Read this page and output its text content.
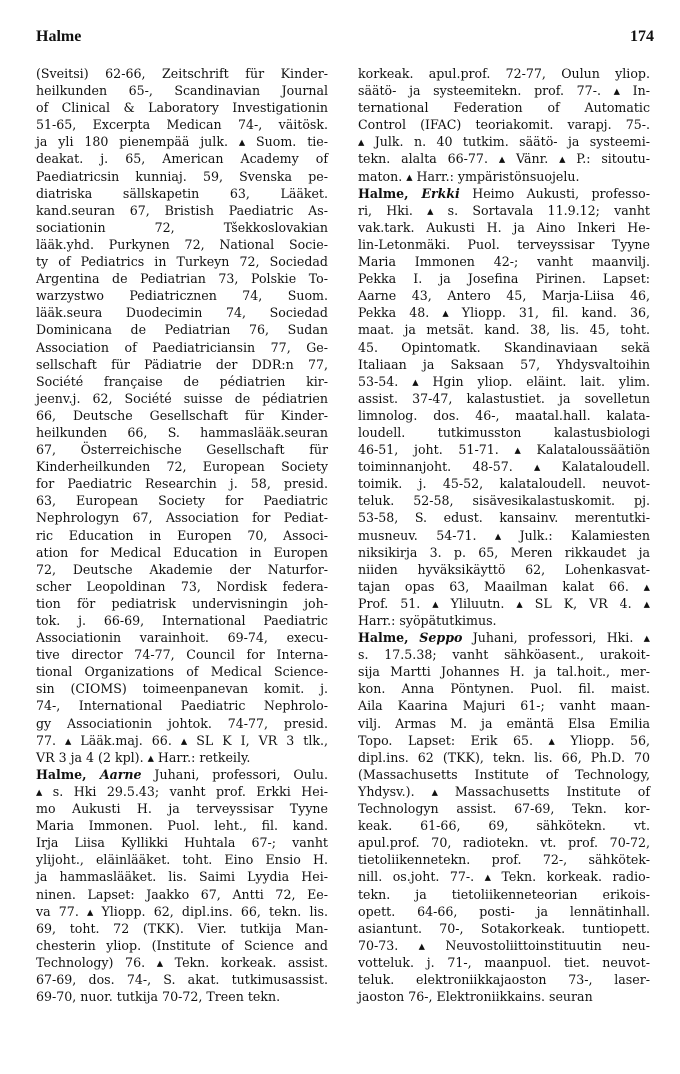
Halme	174
(Sveitsi) 62-66, Zeitschrift für Kinder-
heilkunden 65-, Scandinavian Journal
of Clinical & Laboratory Investigationin
51-65, Excerpta Medican 74-, väitösk.
ja yli 180 pienempää julk. ▴ Suom. tie-
deakat. j. 65, American Academy of
Paediatricsin kunniaj. 59, Svenska pe-
diatriska sällskapetin 63, Lääket.
kand.seuran 67, Bristish Paediatric As-
sociationin 72, Tšekkoslovakian
lääk.yhd. Purkynen 72, National Socie-
ty of Pediatrics in Turkeyn 72, Sociedad
Argentina de Pediatrian 73, Polskie To-
warzystwo Pediatricznen 74, Suom.
lääk.seura Duodecimin 74, Sociedad
Dominicana de Pediatrian 76, Sudan
Association of Paediatriciansin 77, Ge-
sellschaft für Pädiatrie der DDR:n 77,
Société française de pédiatrien kir-
jeenv.j. 62, Société suisse de pédiatrien
66, Deutsche Gesellschaft für Kinder-
heilkunden 66, S. hammaslääk.seuran
67, Österreichische Gesellschaft für
Kinderheilkunden 72, European Society
for Paediatric Researchin j. 58, presid.
63, European Society for Paediatric
Nephrologyn 67, Association for Pediat-
ric Education in Europen 70, Associ-
ation for Medical Education in Europen
72, Deutsche Akademie der Naturfor-
scher Leopoldinan 73, Nordisk federa-
tion för pediatrisk undervisningin joh-
tok. j. 66-69, International Paediatric
Associationin varainhoit. 69-74, execu-
tive director 74-77, Council for Interna-
tional Organizations of Medical Science-
sin (CIOMS) toimeenpanevan komit. j.
74-, International Paediatric Nephrolo-
gy Associationin johtok. 74-77, presid.
77. ▴ Lääk.maj. 66. ▴ SL K I, VR 3 tlk.,
VR 3 ja 4 (2 kpl). ▴ Harr.: retkeily.
Halme, Aarne Juhani, professori, Oulu.
▴ s. Hki 29.5.43; vanht prof. Erkki Hei-
mo Aukusti H. ja terveyssisar Tyyne
Maria Immonen. Puol. leht., fil. kand.
Irja Liisa Kyllikki Huhtala 67-; vanht
ylijoht., eläinlääket. toht. Eino Ensio H.
ja hammaslääket. lis. Saimi Lyydia Hei-
ninen. Lapset: Jaakko 67, Antti 72, Ee-
va 77. ▴ Yliopp. 62, dipl.ins. 66, tekn. lis.
69, toht. 72 (TKK). Vier. tutkija Man-
chesterin yliop. (Institute of Science and
Technology) 76. ▴ Tekn. korkeak. assist.
67-69, dos. 74-, S. akat. tutkimusassist.
69-70, nuor. tutkija 70-72, Treen tekn.
korkeak. apul.prof. 72-77, Oulun yliop.
säätö- ja systeemitekn. prof. 77-. ▴ In-
ternational Federation of Automatic
Control (IFAC) teoriakomit. varapj. 75-.
▴ Julk. n. 40 tutkim. säätö- ja systeemi-
tekn. alalta 66-77. ▴ Vänr. ▴ P.: sitoutu-
maton. ▴ Harr.: ympäristönsuojelu.
Halme, Erkki Heimo Aukusti, professo-
ri, Hki. ▴ s. Sortavala 11.9.12; vanht
vak.tark. Aukusti H. ja Aino Inkeri He-
lin-Letonmäki. Puol. terveyssisar Tyyne
Maria Immonen 42-; vanht maanvilj.
Pekka I. ja Josefina Pirinen. Lapset:
Aarne 43, Antero 45, Marja-Liisa 46,
Pekka 48. ▴ Yliopp. 31, fil. kand. 36,
maat. ja metsät. kand. 38, lis. 45, toht.
45. Opintomatk. Skandinaviaan sekä
Italiaan ja Saksaan 57, Yhdysvaltoihin
53-54. ▴ Hgin yliop. eläint. lait. ylim.
assist. 37-47, kalastustiet. ja sovelletun
limnolog. dos. 46-, maatal.hall. kalata-
loudell. tutkimusston kalastusbiologi
46-51, joht. 51-71. ▴ Kalataloussäätiön
toiminnanjoht. 48-57. ▴ Kalataloudell.
toimik. j. 45-52, kalataloudell. neuvot-
teluk. 52-58, sisävesikalastuskomit. pj.
53-58, S. edust. kansainv. merentutki-
musneuv. 54-71. ▴ Julk.: Kalamiesten
niksikirja 3. p. 65, Meren rikkaudet ja
niiden hyväksikäyttö 62, Lohenkasvat-
tajan opas 63, Maailman kalat 66. ▴
Prof. 51. ▴ Yliluutn. ▴ SL K, VR 4. ▴
Harr.: syöpätutkimus.
Halme, Seppo Juhani, professori, Hki. ▴
s. 17.5.38; vanht sähköasent., urakoit-
sija Martti Johannes H. ja tal.hoit., mer-
kon. Anna Pöntynen. Puol. fil. maist.
Aila Kaarina Majuri 61-; vanht maan-
vilj. Armas M. ja emäntä Elsa Emilia
Topo. Lapset: Erik 65. ▴ Yliopp. 56,
dipl.ins. 62 (TKK), tekn. lis. 66, Ph.D. 70
(Massachusetts Institute of Technology,
Yhdysv.). ▴ Massachusetts Institute of
Technologyn assist. 67-69, Tekn. kor-
keak. 61-66, 69, sähkötekn. vt.
apul.prof. 70, radiotekn. vt. prof. 70-72,
tietoliikennetekn. prof. 72-, sähkötek-
nill. os.joht. 77-. ▴ Tekn. korkeak. radio-
tekn. ja tietoliikenneteorian erikois-
opett. 64-66, posti- ja lennätinhall.
asiantunt. 70-, Sotakorkeak. tuntiopett.
70-73. ▴ Neuvostoliittoinstituutin neu-
votteluk. j. 71-, maanpuol. tiet. neuvot-
teluk. elektroniikkajaoston 73-, laser-
jaoston 76-, Elektroniikkains. seuran
